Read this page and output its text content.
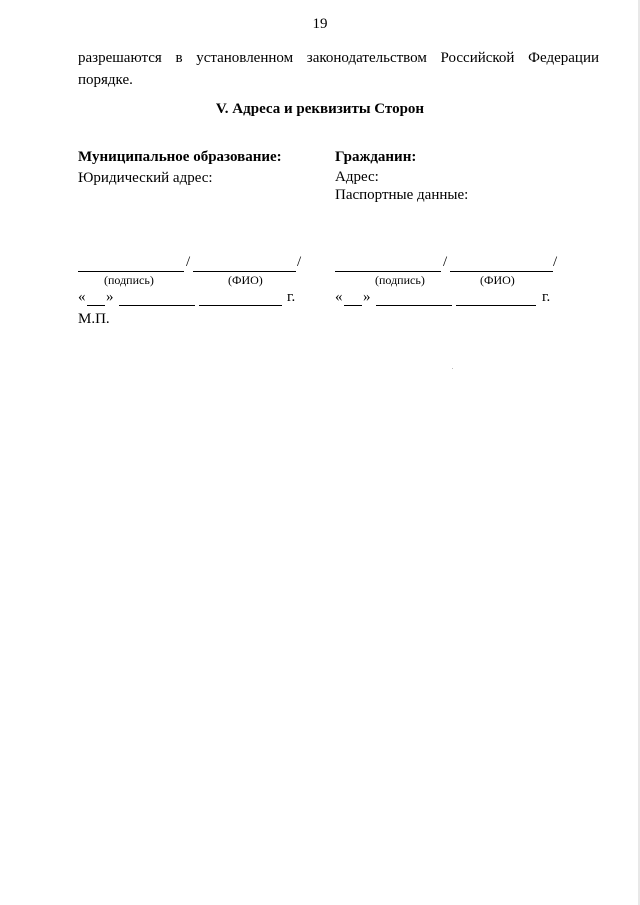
19
разрешаются в установленном законодательством Российской Федерации
порядке.
V. Адреса и реквизиты Сторон
Муниципальное образование:
Юридический адрес:
/	/
(подпись)	(ФИО)
« »	г.
М.П.
Гражданин:
Адрес:
Паспортные данные:
/	/
(подпись)	(ФИО)
« »	г.
